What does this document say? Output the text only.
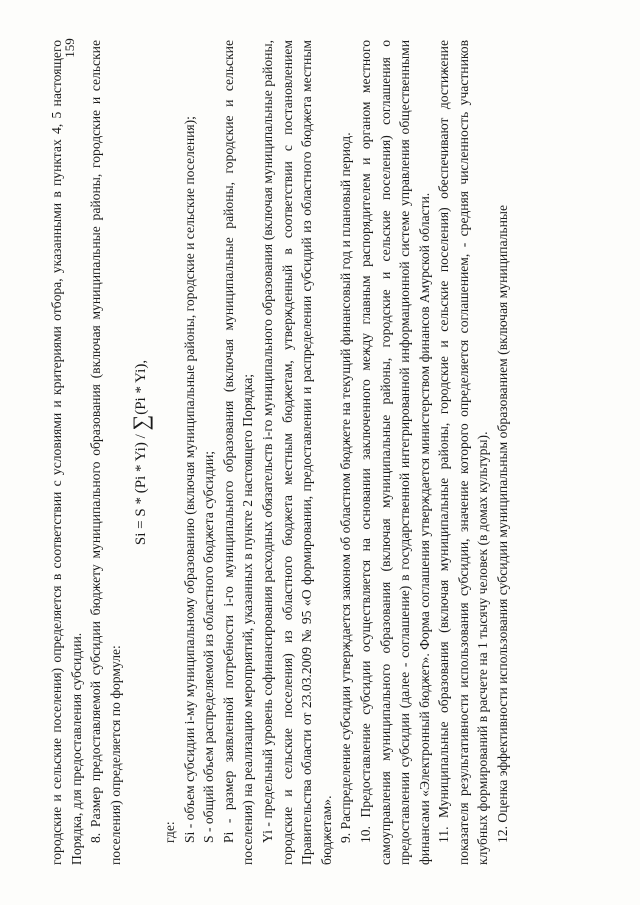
159

городские и сельские поселения) определяется в соответствии с условиями и критериями отбора, указанными в пунктах 4, 5 настоящего Порядка, для предоставления субсидии. 8. Размер предоставляемой субсидии бюджету муниципального образования (включая муниципальные районы, городские и сельские поселения) определяется по формуле:

Si = S * (Pi * Yi) / ∑(Pi * Yi),

где: Si - объем субсидии i-му муниципальному образованию (включая муниципальные районы, городские и сельские поселения); S - общий объем распределяемой из областного бюджета субсидии; Pi - размер заявленной потребности i-го муниципального образования (включая муниципальные районы, городские и сельские поселения) на реализацию мероприятий, указанных в пункте 2 настоящего Порядка; Yi - предельный уровень софинансирования расходных обязательств i-го муниципального образования (включая муниципальные районы, городские и сельские поселения) из областного бюджета местным бюджетам, утвержденный в соответствии с постановлением Правительства области от 23.03.2009 № 95 «О формировании, предоставлении и распределении субсидий из областного бюджета местным бюджетам». 9. Распределение субсидии утверждается законом об областном бюджете на текущий финансовый год и плановый период. 10. Предоставление субсидии осуществляется на основании заключенного между главным распорядителем и органом местного самоуправления муниципального образования (включая муниципальные районы, городские и сельские поселения) соглашения о предоставлении субсидии (далее - соглашение) в государственной интегрированной информационной системе управления общественными финансами «Электронный бюджет». Форма соглашения утверждается министерством финансов Амурской области. 11. Муниципальные образования (включая муниципальные районы, городские и сельские поселения) обеспечивают достижение показателя результативности использования субсидии, значение которого определяется соглашением, - средняя численность участников клубных формирований в расчете на 1 тысячу человек (в домах культуры). 12. Оценка эффективности использования субсидии муниципальным образованием (включая муниципальные
